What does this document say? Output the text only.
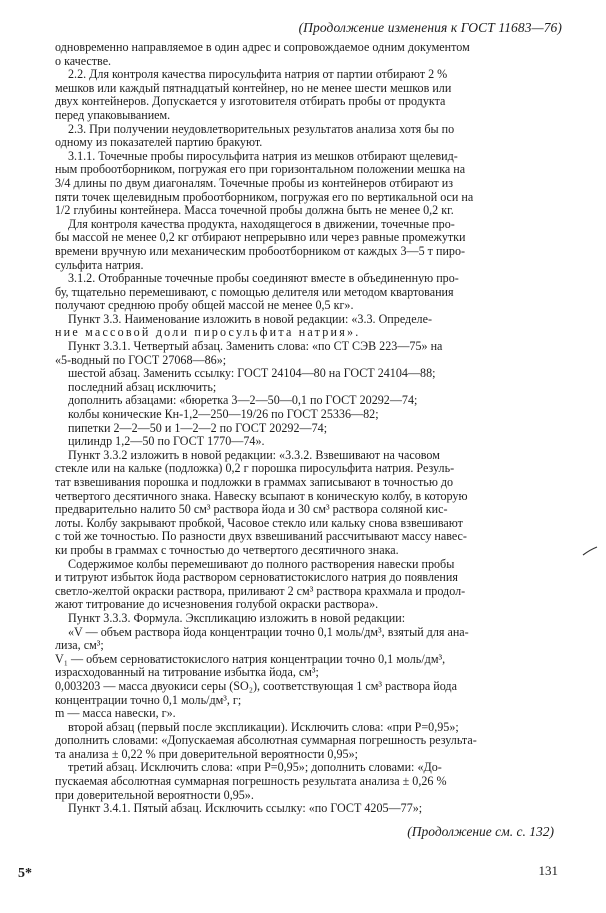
(Продолжение изменения к ГОСТ 11683—76)

одновременно направляемое в один адрес и сопровождаемое одним документом

о качестве.

2.2. Для контроля качества пиросульфита натрия от партии отбирают 2 %

мешков или каждый пятнадцатый контейнер, но не менее шести мешков или

двух контейнеров. Допускается у изготовителя отбирать пробы от продукта

перед упаковыванием.

2.3. При получении неудовлетворительных результатов анализа хотя бы по

одному из показателей партию бракуют.

3.1.1. Точечные пробы пиросульфита натрия из мешков отбирают щелевид-

ным пробоотборником, погружая его при горизонтальном положении мешка на

3/4 длины по двум диагоналям. Точечные пробы из контейнеров отбирают из

пяти точек щелевидным пробоотборником, погружая его по вертикальной оси на

1/2 глубины контейнера. Масса точечной пробы должна быть не менее 0,2 кг.

Для контроля качества продукта, находящегося в движении, точечные про-

бы массой не менее 0,2 кг отбирают непрерывно или через равные промежутки

времени вручную или механическим пробоотборником от каждых 3—5 т пиро-

сульфита натрия.

3.1.2. Отобранные точечные пробы соединяют вместе в объединенную про-

бу, тщательно перемешивают, с помощью делителя или методом квартования

получают среднюю пробу общей массой не менее 0,5 кг».

Пункт 3.3. Наименование изложить в новой редакции: «3.3. Определе-

ние массовой доли пиросульфита натрия».

Пункт 3.3.1. Четвертый абзац. Заменить слова: «по СТ СЭВ 223—75» на

«5-водный по ГОСТ 27068—86»;

шестой абзац. Заменить ссылку: ГОСТ 24104—80 на ГОСТ 24104—88;

последний абзац исключить;

дополнить абзацами: «бюретка 3—2—50—0,1 по ГОСТ 20292—74;

колбы конические Кн-1,2—250—19/26 по ГОСТ 25336—82;

пипетки 2—2—50 и 1—2—2 по ГОСТ 20292—74;

цилиндр 1,2—50 по ГОСТ 1770—74».

Пункт 3.3.2 изложить в новой редакции: «3.3.2. Взвешивают на часовом

стекле или на кальке (подложка) 0,2 г порошка пиросульфита натрия. Резуль-

тат взвешивания порошка и подложки в граммах записывают в точностью до

четвертого десятичного знака. Навеску всыпают в коническую колбу, в которую

предварительно налито 50 см³ раствора йода и 30 см³ раствора соляной кис-

лоты. Колбу закрывают пробкой, Часовое стекло или кальку снова взвешивают

с той же точностью. По разности двух взвешиваний рассчитывают массу навес-

ки пробы в граммах с точностью до четвертого десятичного знака.

Содержимое колбы перемешивают до полного растворения навески пробы

и титруют избыток йода раствором серноватистокислого натрия до появления

светло-желтой окраски раствора, приливают 2 см³ раствора крахмала и продол-

жают титрование до исчезновения голубой окраски раствора».

Пункт 3.3.3. Формула. Экспликацию изложить в новой редакции:

«V — объем раствора йода концентрации точно 0,1 моль/дм³, взятый для ана-

лиза, см³;

V₁ — объем серноватистокислого натрия концентрации точно 0,1 моль/дм³,

израсходованный на титрование избытка йода, см³;

0,003203 — масса двуокиси серы (SO₂), соответствующая 1 см³ раствора йода

концентрации точно 0,1 моль/дм³, г;

m — масса навески, г».

второй абзац (первый после экспликации). Исключить слова: «при P=0,95»;

дополнить словами: «Допускаемая абсолютная суммарная погрешность результа-

та анализа ± 0,22 % при доверительной вероятности 0,95»;

третий абзац. Исключить слова: «при P=0,95»; дополнить словами: «До-

пускаемая абсолютная суммарная погрешность результата анализа ± 0,26 %

при доверительной вероятности 0,95».

Пункт 3.4.1. Пятый абзац. Исключить ссылку: «по ГОСТ 4205—77»;

(Продолжение см. с. 132)
5*	131
